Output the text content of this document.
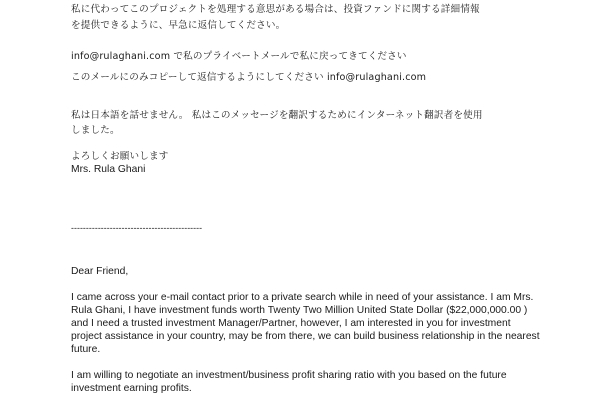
私に代わってこのプロジェクトを処理する意思がある場合は、投資ファンドに関する詳細情報
を提供できるように、早急に返信してください。
info@rulaghani.com で私のプライベートメールで私に戻ってきてください
このメールにのみコピーして返信するようにしてください info@rulaghani.com
私は日本語を話せません。 私はこのメッセージを翻訳するためにインターネット翻訳者を使用
しました。
よろしくお願いします
Mrs. Rula Ghani
--------------------------------------------
Dear Friend,
I came across your e-mail contact prior to a private search while in need of your assistance. I am Mrs.
Rula Ghani, I have investment funds worth Twenty Two Million United State Dollar ($22,000,000.00 )
and I need a trusted investment Manager/Partner, however, I am interested in you for investment
project assistance in your country, may be from there, we can build business relationship in the nearest
future.
I am willing to negotiate an investment/business profit sharing ratio with you based on the future
investment earning profits.
